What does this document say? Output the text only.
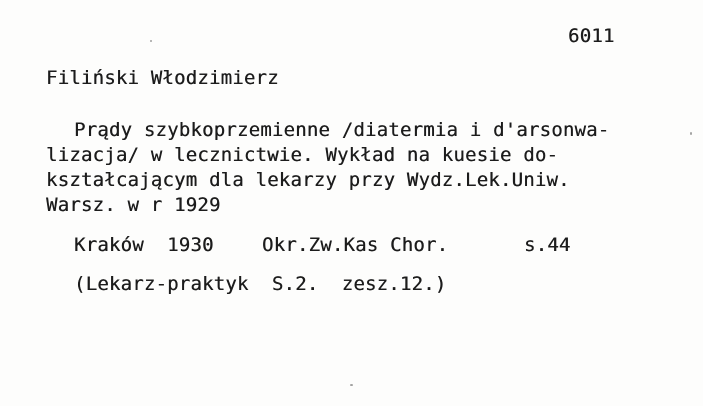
6011
Filiński Włodzimierz
Prądy szybkoprzemienne /diatermia i d'arsonwa-
lizacja/ w lecznictwie. Wykład na kuesie do-
kształcającym dla lekarzy przy Wydz.Lek.Uniw.
Warsz. w r 1929

Kraków  1930

	Okr.Zw.Kas Chor.

	s.44

(Lekarz-praktyk  S.2.  zesz.12.)
